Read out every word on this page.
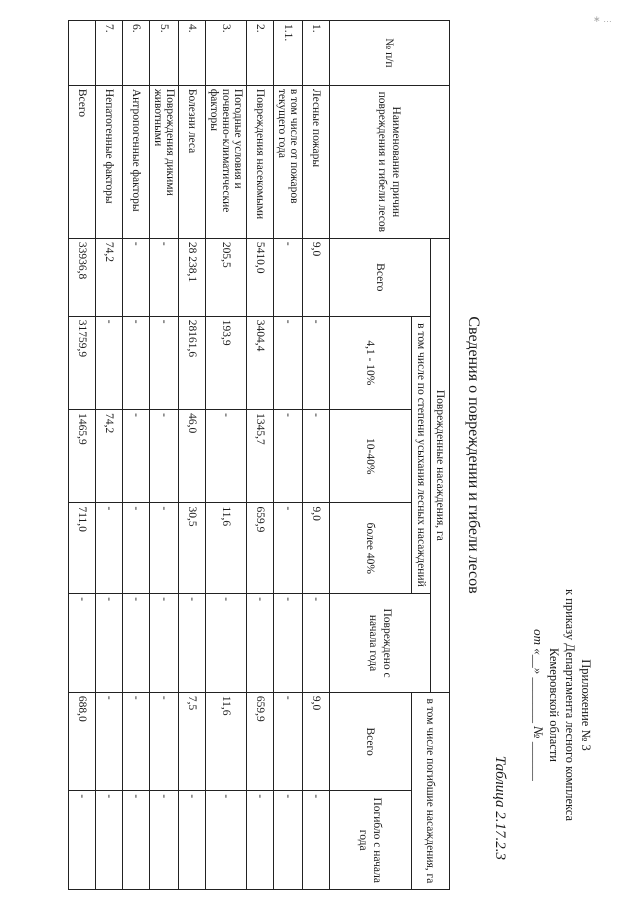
∗ …
Приложение № 3
к приказу Департамента лесного комплекса
Кемеровской области
от «__» _______ № ______
Таблица 2.17.2.3
Сведения о повреждении и гибели лесов
№ п/п	Наименование причин повреждения и гибели лесов	Поврежденные насаждения, га					в том числе погибшие насаждения, га	
		Всего	в том числе по степени усыхания лесных насаждений			Повреждено с начала года		
			4,1 - 10%	10-40%	более 40%		Всего	Погибло с начала года
1.	Лесные пожары	9,0	-	-	9,0	-	9,0	-
1.1.	в том числе от пожаров текущего года	-	-	-	-	-	-	-
2.	Повреждения насекомыми	5410,0	3404,4	1345,7	659,9	-	659,9	-
3.	Погодные условия и почвенно-климатические факторы	205,5	193,9	-	11,6	-	11,6	-
4.	Болезни леса	28 238,1	28161,6	46,0	30,5	-	7,5	-
5.	Повреждения дикими животными	-	-	-	-	-	-	-
6.	Антропогенные факторы	-	-	-	-	-	-	-
7.	Непатогенные факторы	74,2	-	74,2	-	-	-	-
	Всего	33936,8	31759,9	1465,9	711,0	-	688,0	-
